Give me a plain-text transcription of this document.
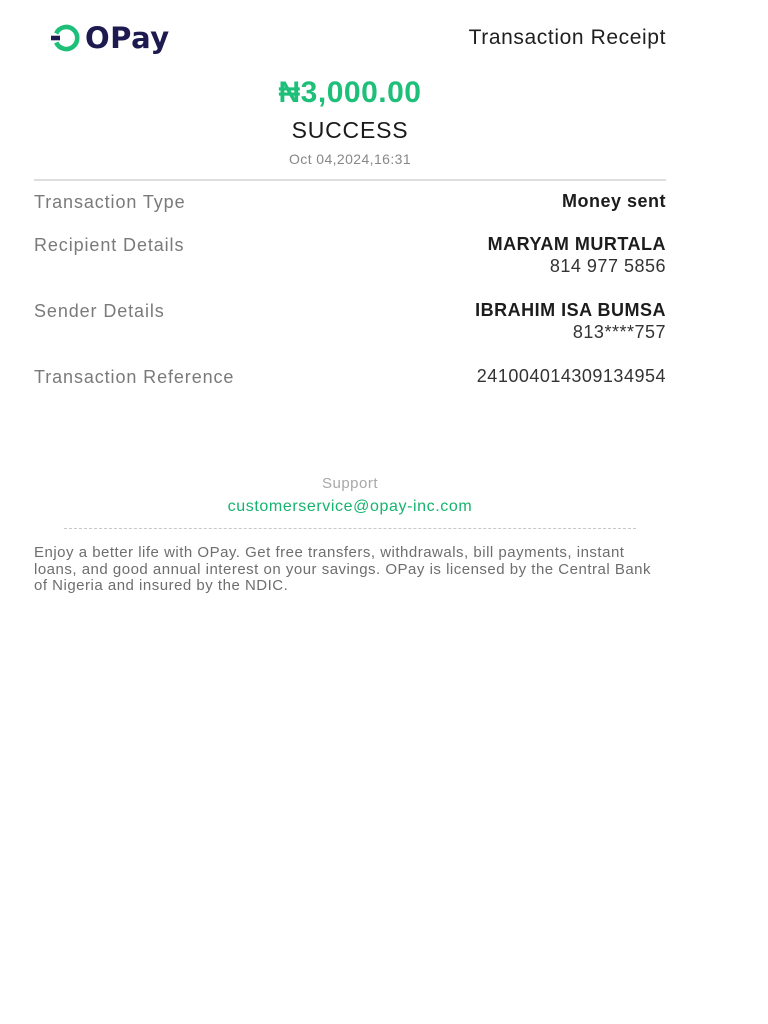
OPay	Transaction Receipt
₦3,000.00
SUCCESS
Oct 04,2024,16:31
Transaction Type	Money sent
Recipient Details	MARYAM MURTALA
814 977 5856
Sender Details	IBRAHIM ISA BUMSA
813****757
Transaction Reference	241004014309134954
Support
customerservice@opay-inc.com

Enjoy a better life with OPay. Get free transfers, withdrawals, bill payments, instant loans, and good annual interest on your savings. OPay is licensed by the Central Bank of Nigeria and insured by the NDIC.
